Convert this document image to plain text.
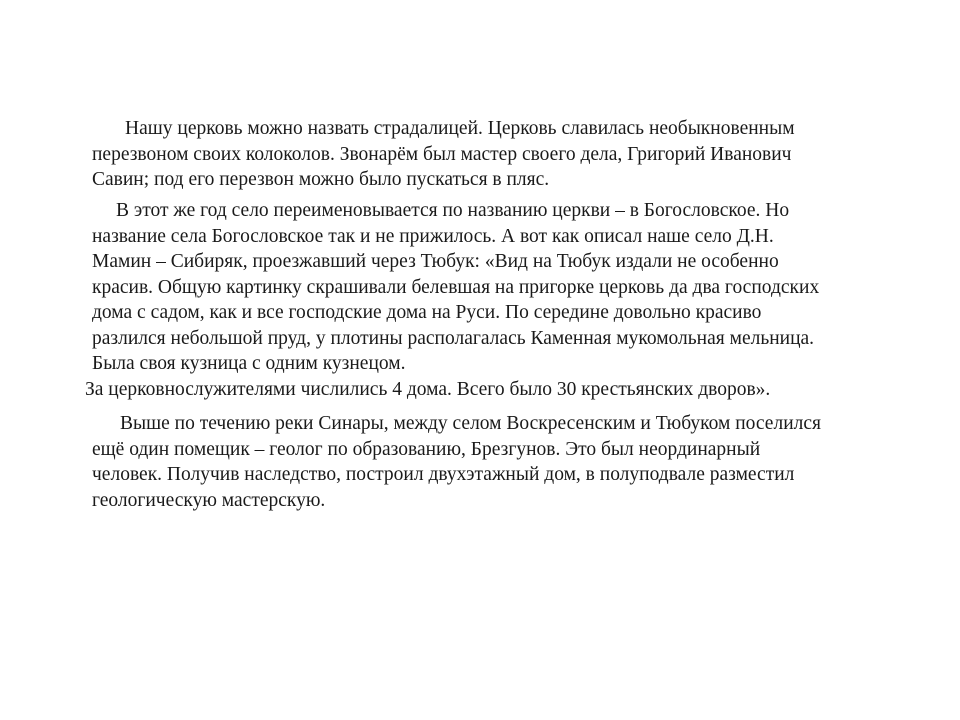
Нашу церковь можно назвать страдалицей. Церковь славилась необыкновенным
перезвоном своих колоколов. Звонарём был мастер своего дела, Григорий Иванович
Савин; под его перезвон можно было пускаться в пляс.
В этот же год село переименовывается по названию церкви – в Богословское. Но
название села Богословское так и не прижилось. А вот как описал наше село Д.Н.
Мамин – Сибиряк, проезжавший через Тюбук: «Вид на Тюбук издали не особенно
красив. Общую картинку скрашивали белевшая на пригорке церковь да два господских
дома с садом, как и все господские дома на Руси. По середине довольно красиво
разлился небольшой пруд, у плотины располагалась Каменная мукомольная мельница.
Была своя кузница с одним кузнецом.
За церковнослужителями числились 4 дома. Всего было 30 крестьянских дворов».
Выше по течению реки Синары, между селом Воскресенским и Тюбуком поселился
ещё один помещик – геолог по образованию, Брезгунов. Это был неординарный
человек. Получив наследство, построил двухэтажный дом, в полуподвале разместил
геологическую мастерскую.
